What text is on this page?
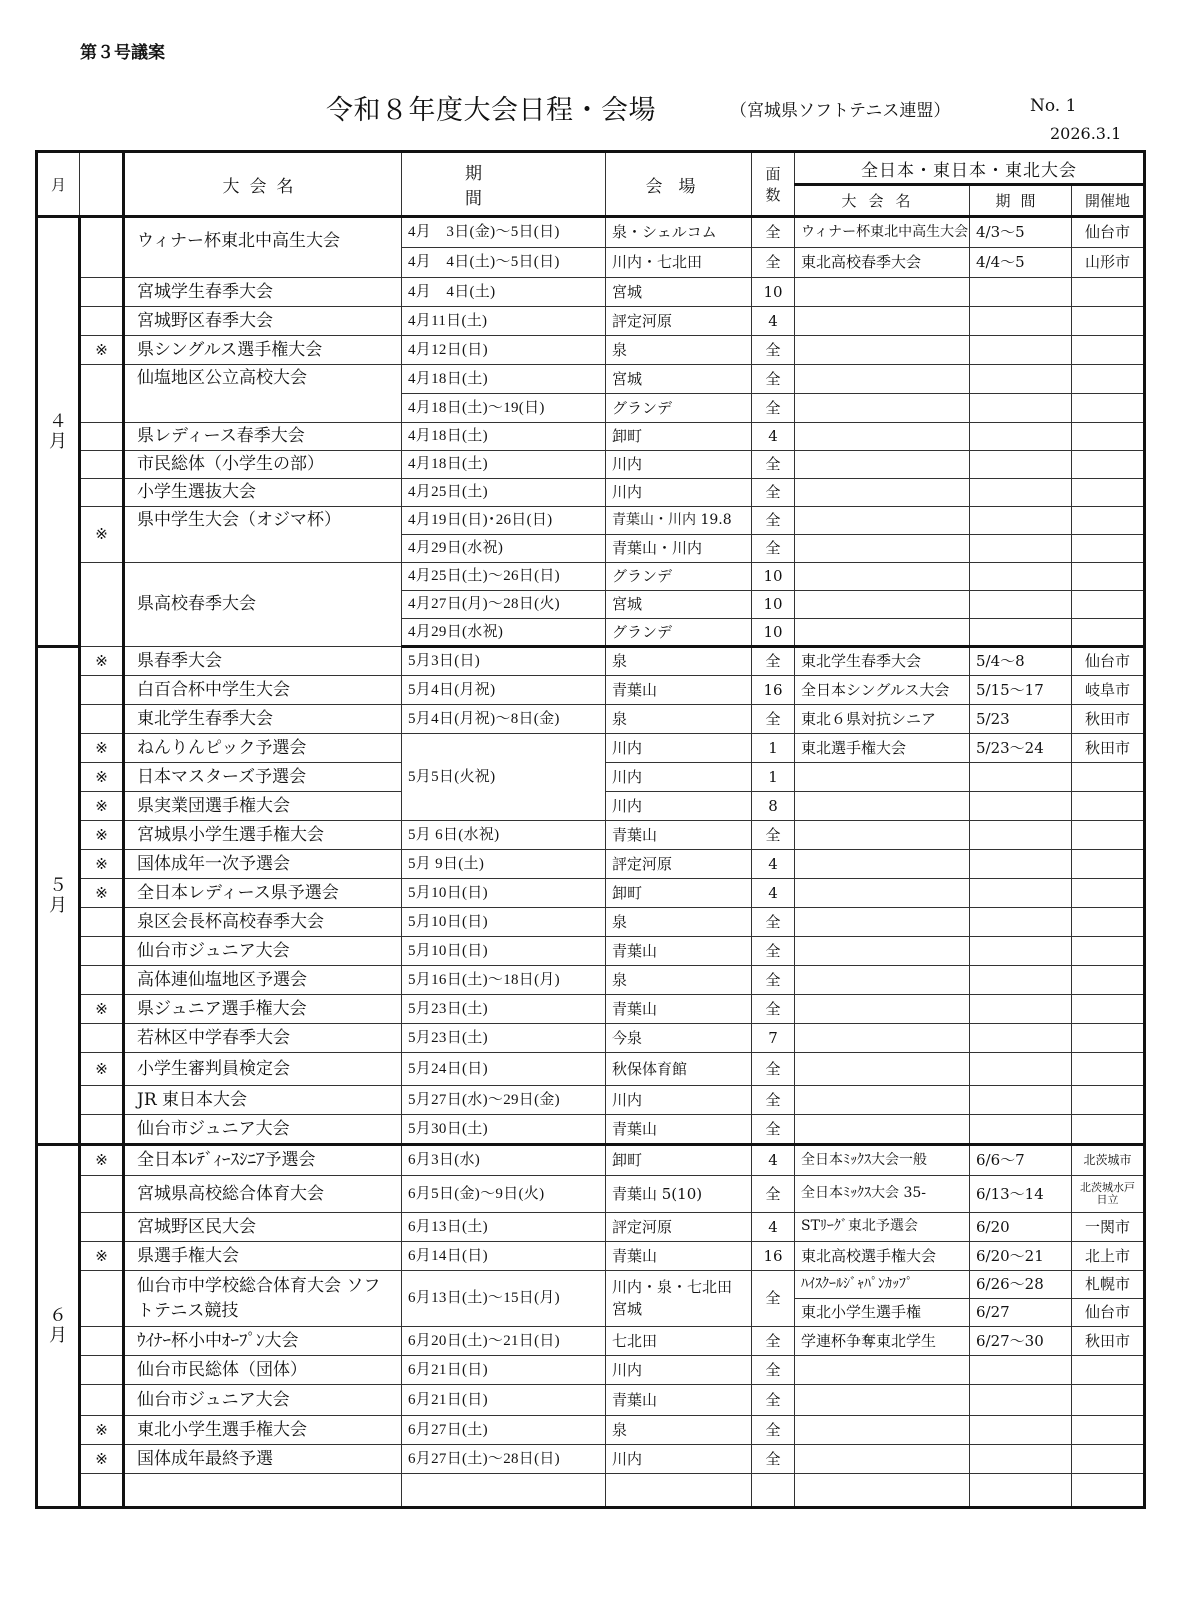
第３号議案
令和８年度大会日程・会場	（宮城県ソフトテニス連盟）	No. 1
2026.3.1
月		大会名	期　間	会場	面数	全日本・東日本・東北大会		
						大会名	期間	開催地
４月		ウィナー杯東北中高生大会	4月　3日(金)～5日(日)	泉・シェルコム	全	ウィナー杯東北中高生大会	4/3～5	仙台市
			4月　4日(土)～5日(日)	川内・七北田	全	東北高校春季大会	4/4～5	山形市
		宮城学生春季大会	4月　4日(土)	宮城	10			
		宮城野区春季大会	4月11日(土)	評定河原	4			
	※	県シングルス選手権大会	4月12日(日)	泉	全			
		仙塩地区公立高校大会	4月18日(土)	宮城	全			
			4月18日(土)～19(日)	グランデ	全			
		県レディース春季大会	4月18日(土)	卸町	4			
		市民総体（小学生の部）	4月18日(土)	川内	全			
		小学生選抜大会	4月25日(土)	川内	全			
	※	県中学生大会（オジマ杯）	4月19日(日)･26日(日)	青葉山・川内 19.8	全			
			4月29日(水祝)	青葉山・川内	全			
		県高校春季大会	4月25日(土)～26日(日)	グランデ	10			
			4月27日(月)～28日(火)	宮城	10			
			4月29日(水祝)	グランデ	10			
５月	※	県春季大会	5月3日(日)	泉	全	東北学生春季大会	5/4～8	仙台市
		白百合杯中学生大会	5月4日(月祝)	青葉山	16	全日本シングルス大会	5/15～17	岐阜市
		東北学生春季大会	5月4日(月祝)～8日(金)	泉	全	東北６県対抗シニア	5/23	秋田市
	※	ねんりんピック予選会	5月5日(火祝)	川内	1	東北選手権大会	5/23～24	秋田市
	※	日本マスターズ予選会		川内	1			
	※	県実業団選手権大会		川内	8			
	※	宮城県小学生選手権大会	5月 6日(水祝)	青葉山	全			
	※	国体成年一次予選会	5月 9日(土)	評定河原	4			
	※	全日本レディース県予選会	5月10日(日)	卸町	4			
		泉区会長杯高校春季大会	5月10日(日)	泉	全			
		仙台市ジュニア大会	5月10日(日)	青葉山	全			
		高体連仙塩地区予選会	5月16日(土)～18日(月)	泉	全			
	※	県ジュニア選手権大会	5月23日(土)	青葉山	全			
		若林区中学春季大会	5月23日(土)	今泉	7			
	※	小学生審判員検定会	5月24日(日)	秋保体育館	全			
		JR 東日本大会	5月27日(水)～29日(金)	川内	全			
		仙台市ジュニア大会	5月30日(土)	青葉山	全			
６月	※	全日本ﾚﾃﾞｨｰｽｼﾆｱ予選会	6月3日(水)	卸町	4	全日本ﾐｯｸｽ大会一般	6/6～7	北茨城市
		宮城県高校総合体育大会	6月5日(金)～9日(火)	青葉山 5(10)	全	全日本ﾐｯｸｽ大会 35-	6/13～14	北茨城水戸日立
		宮城野区民大会	6月13日(土)	評定河原	4	STﾘｰｸﾞ東北予選会	6/20	一関市
	※	県選手権大会	6月14日(日)	青葉山	16	東北高校選手権大会	6/20～21	北上市
		仙台市中学校総合体育大会 ソフトテニス競技	6月13日(土)～15日(月)	川内・泉・七北田 宮城	全	ﾊｲｽｸｰﾙｼﾞｬﾊﾟﾝｶｯﾌﾟ	6/26～28	札幌市
						東北小学生選手権	6/27	仙台市
		ｳｲﾅｰ杯小中ｵｰﾌﾟﾝ大会	6月20日(土)～21日(日)	七北田	全	学連杯争奪東北学生	6/27～30	秋田市
		仙台市民総体（団体）	6月21日(日)	川内	全			
		仙台市ジュニア大会	6月21日(日)	青葉山	全			
	※	東北小学生選手権大会	6月27日(土)	泉	全			
	※	国体成年最終予選	6月27日(土)～28日(日)	川内	全			
